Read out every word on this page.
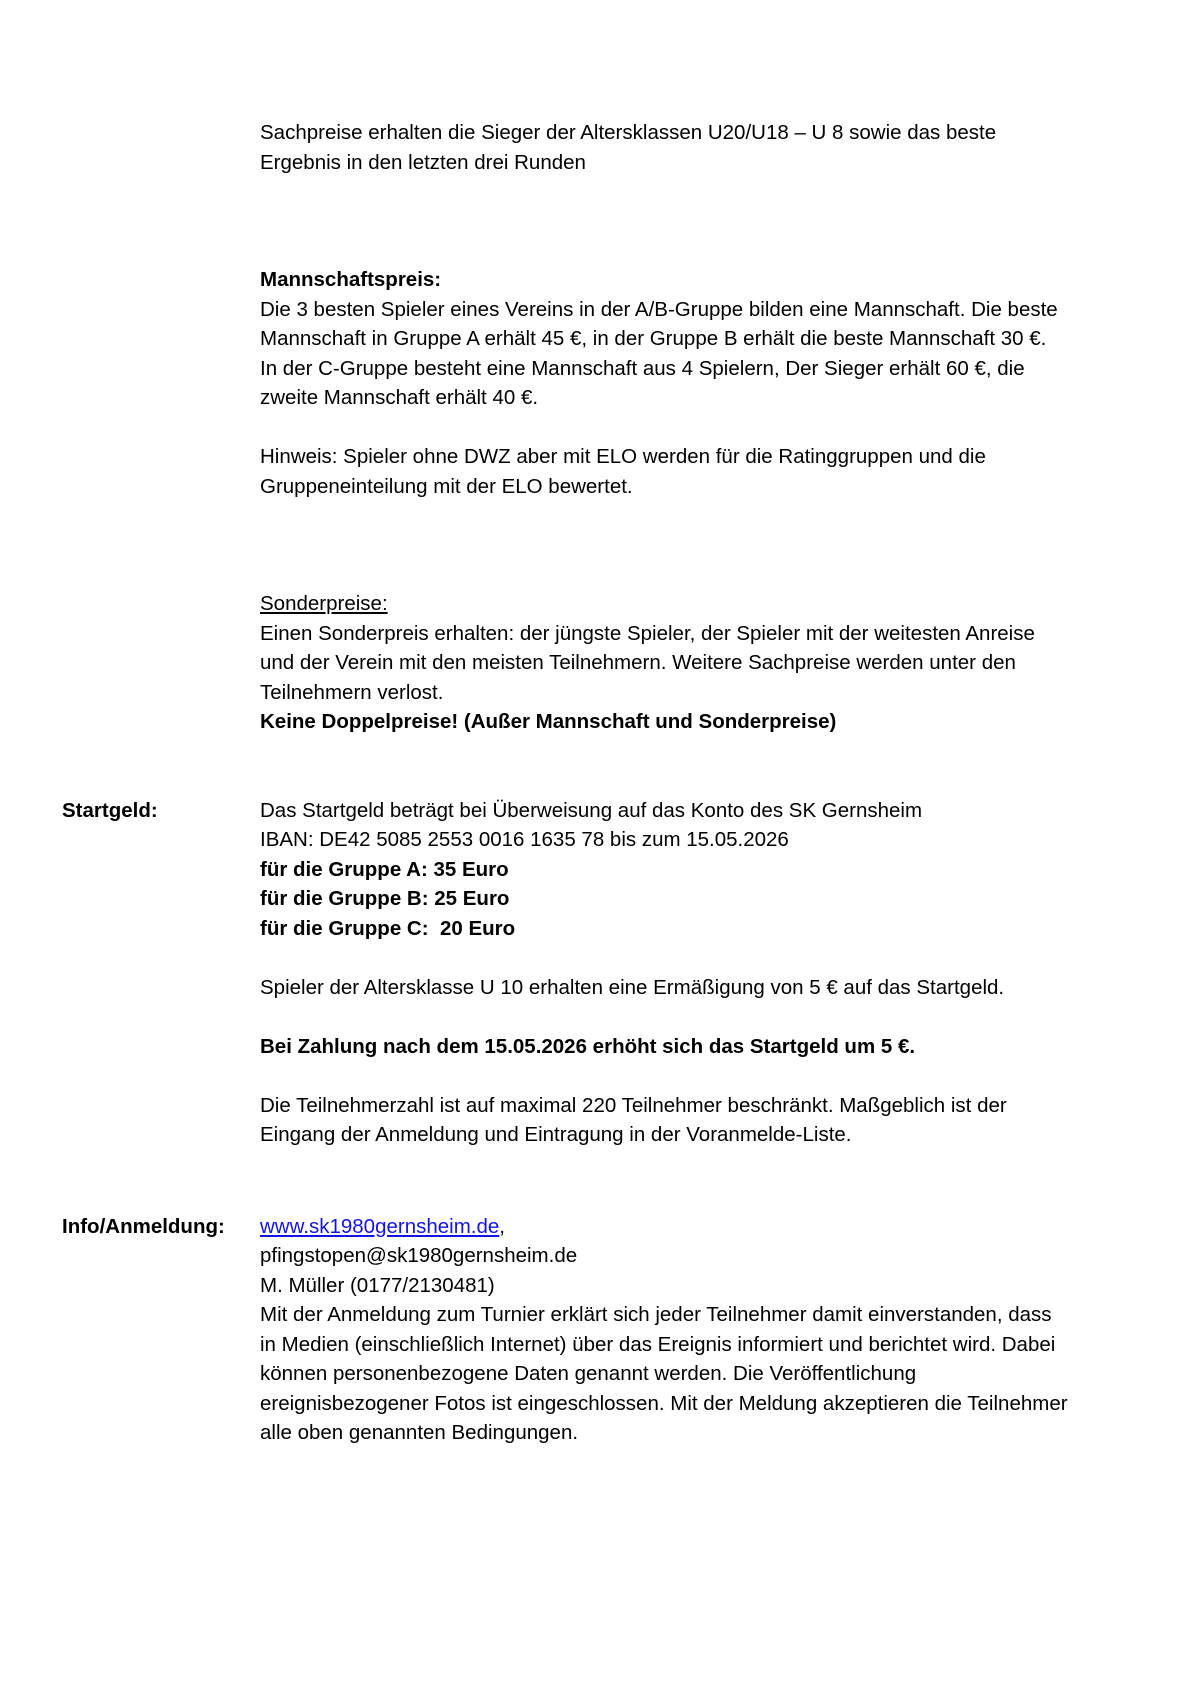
Sachpreise erhalten die Sieger der Altersklassen U20/U18 – U 8 sowie das beste Ergebnis in den letzten drei Runden

Mannschaftspreis:

Die 3 besten Spieler eines Vereins in der A/B-Gruppe bilden eine Mannschaft. Die beste Mannschaft in Gruppe A erhält 45 €, in der Gruppe B erhält die beste Mannschaft 30 €.

In der C-Gruppe besteht eine Mannschaft aus 4 Spielern, Der Sieger erhält 60 €, die zweite Mannschaft erhält 40 €.

Hinweis: Spieler ohne DWZ aber mit ELO werden für die Ratinggruppen und die Gruppeneinteilung mit der ELO bewertet.

Sonderpreise:

Einen Sonderpreis erhalten: der jüngste Spieler, der Spieler mit der weitesten Anreise und der Verein mit den meisten Teilnehmern. Weitere Sachpreise werden unter den Teilnehmern verlost.

Keine Doppelpreise! (Außer Mannschaft und Sonderpreise)

Startgeld:	Das Startgeld beträgt bei Überweisung auf das Konto des SK Gernsheim

IBAN: DE42 5085 2553 0016 1635 78 bis zum 15.05.2026

für die Gruppe A: 35 Euro

für die Gruppe B: 25 Euro

für die Gruppe C:  20 Euro

Spieler der Altersklasse U 10 erhalten eine Ermäßigung von 5 € auf das Startgeld.

Bei Zahlung nach dem 15.05.2026 erhöht sich das Startgeld um 5 €.

Die Teilnehmerzahl ist auf maximal 220 Teilnehmer beschränkt. Maßgeblich ist der Eingang der Anmeldung und Eintragung in der Voranmelde-Liste.

Info/Anmeldung:	www.sk1980gernsheim.de,

pfingstopen@sk1980gernsheim.de

M. Müller (0177/2130481)

Mit der Anmeldung zum Turnier erklärt sich jeder Teilnehmer damit einverstanden, dass in Medien (einschließlich Internet) über das Ereignis informiert und berichtet wird. Dabei können personenbezogene Daten genannt werden. Die Veröffentlichung ereignisbezogener Fotos ist eingeschlossen. Mit der Meldung akzeptieren die Teilnehmer alle oben genannten Bedingungen.
